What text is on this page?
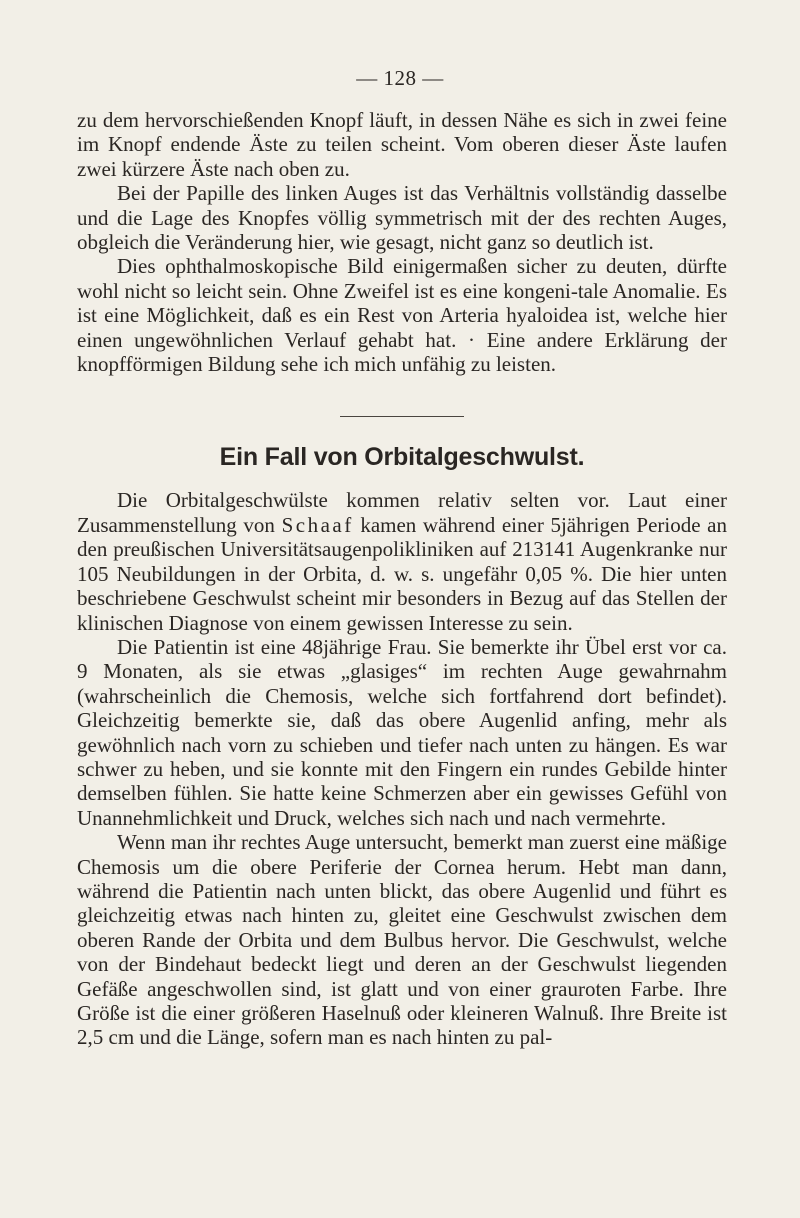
— 128 —

zu dem hervorschießenden Knopf läuft, in dessen Nähe es sich in zwei feine im Knopf endende Äste zu teilen scheint. Vom oberen dieser Äste laufen zwei kürzere Äste nach oben zu.

Bei der Papille des linken Auges ist das Verhältnis vollständig dasselbe und die Lage des Knopfes völlig symmetrisch mit der des rechten Auges, obgleich die Veränderung hier, wie gesagt, nicht ganz so deutlich ist.

Dies ophthalmoskopische Bild einigermaßen sicher zu deuten, dürfte wohl nicht so leicht sein. Ohne Zweifel ist es eine kongeni-tale Anomalie. Es ist eine Möglichkeit, daß es ein Rest von Arteria hyaloidea ist, welche hier einen ungewöhnlichen Verlauf gehabt hat. · Eine andere Erklärung der knopfförmigen Bildung sehe ich mich unfähig zu leisten.

Ein Fall von Orbitalgeschwulst.

Die Orbitalgeschwülste kommen relativ selten vor. Laut einer Zusammenstellung von Schaaf kamen während einer 5jährigen Periode an den preußischen Universitätsaugenpolikliniken auf 213141 Augenkranke nur 105 Neubildungen in der Orbita, d. w. s. ungefähr 0,05 %. Die hier unten beschriebene Geschwulst scheint mir besonders in Bezug auf das Stellen der klinischen Diagnose von einem gewissen Interesse zu sein.

Die Patientin ist eine 48jährige Frau. Sie bemerkte ihr Übel erst vor ca. 9 Monaten, als sie etwas „glasiges“ im rechten Auge gewahrnahm (wahrscheinlich die Chemosis, welche sich fortfahrend dort befindet). Gleichzeitig bemerkte sie, daß das obere Augenlid anfing, mehr als gewöhnlich nach vorn zu schieben und tiefer nach unten zu hängen. Es war schwer zu heben, und sie konnte mit den Fingern ein rundes Gebilde hinter demselben fühlen. Sie hatte keine Schmerzen aber ein gewisses Gefühl von Unannehmlichkeit und Druck, welches sich nach und nach vermehrte.

Wenn man ihr rechtes Auge untersucht, bemerkt man zuerst eine mäßige Chemosis um die obere Periferie der Cornea herum. Hebt man dann, während die Patientin nach unten blickt, das obere Augenlid und führt es gleichzeitig etwas nach hinten zu, gleitet eine Geschwulst zwischen dem oberen Rande der Orbita und dem Bulbus hervor. Die Geschwulst, welche von der Bindehaut bedeckt liegt und deren an der Geschwulst liegenden Gefäße angeschwollen sind, ist glatt und von einer grauroten Farbe. Ihre Größe ist die einer größeren Haselnuß oder kleineren Walnuß. Ihre Breite ist 2,5 cm und die Länge, sofern man es nach hinten zu pal-
